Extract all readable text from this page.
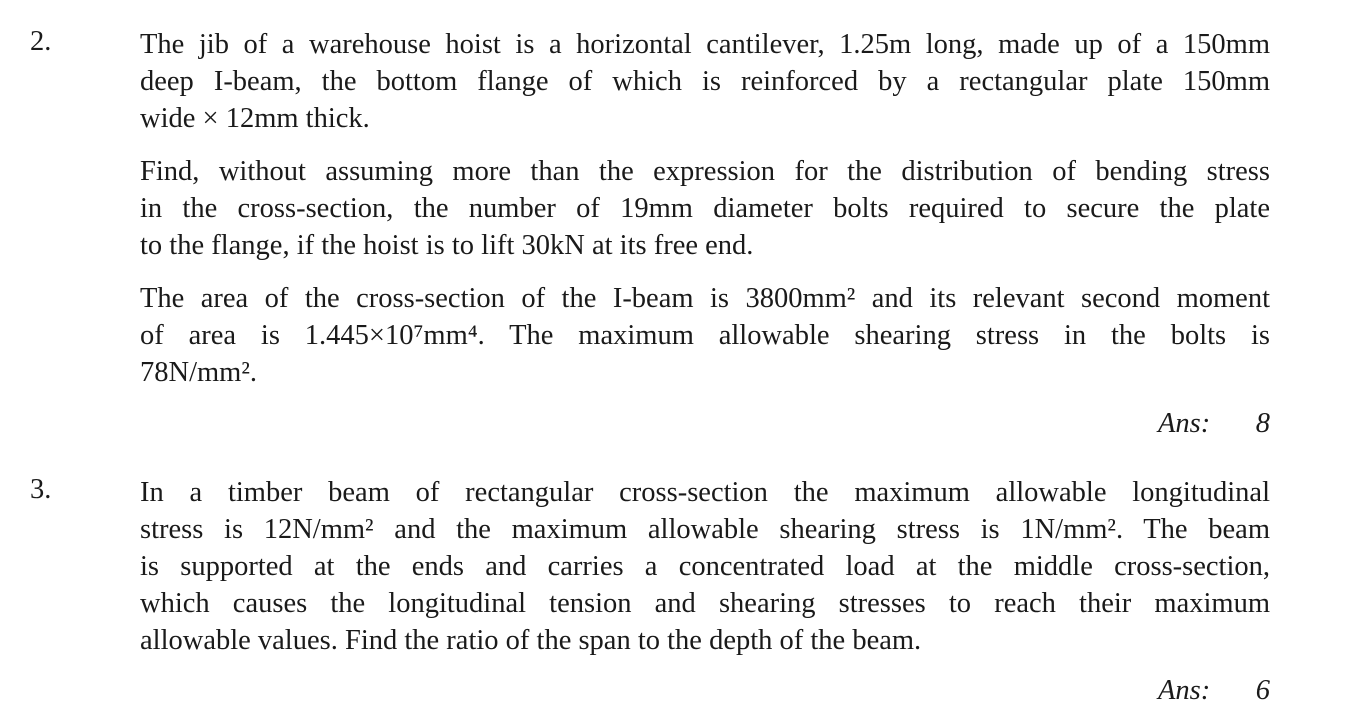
2.	The jib of a warehouse hoist is a horizontal cantilever, 1.25m long, made up of a 150mm
deep I-beam, the bottom flange of which is reinforced by a rectangular plate 150mm
wide × 12mm thick.
Find, without assuming more than the expression for the distribution of bending stress
in the cross-section, the number of 19mm diameter bolts required to secure the plate
to the flange, if the hoist is to lift 30kN at its free end.
The area of the cross-section of the I-beam is 3800mm² and its relevant second moment
of area is 1.445×10⁷mm⁴. The maximum allowable shearing stress in the bolts is
78N/mm².
Ans: 8
3.	In a timber beam of rectangular cross-section the maximum allowable longitudinal
stress is 12N/mm² and the maximum allowable shearing stress is 1N/mm². The beam
is supported at the ends and carries a concentrated load at the middle cross-section,
which causes the longitudinal tension and shearing stresses to reach their maximum
allowable values. Find the ratio of the span to the depth of the beam.
Ans: 6
